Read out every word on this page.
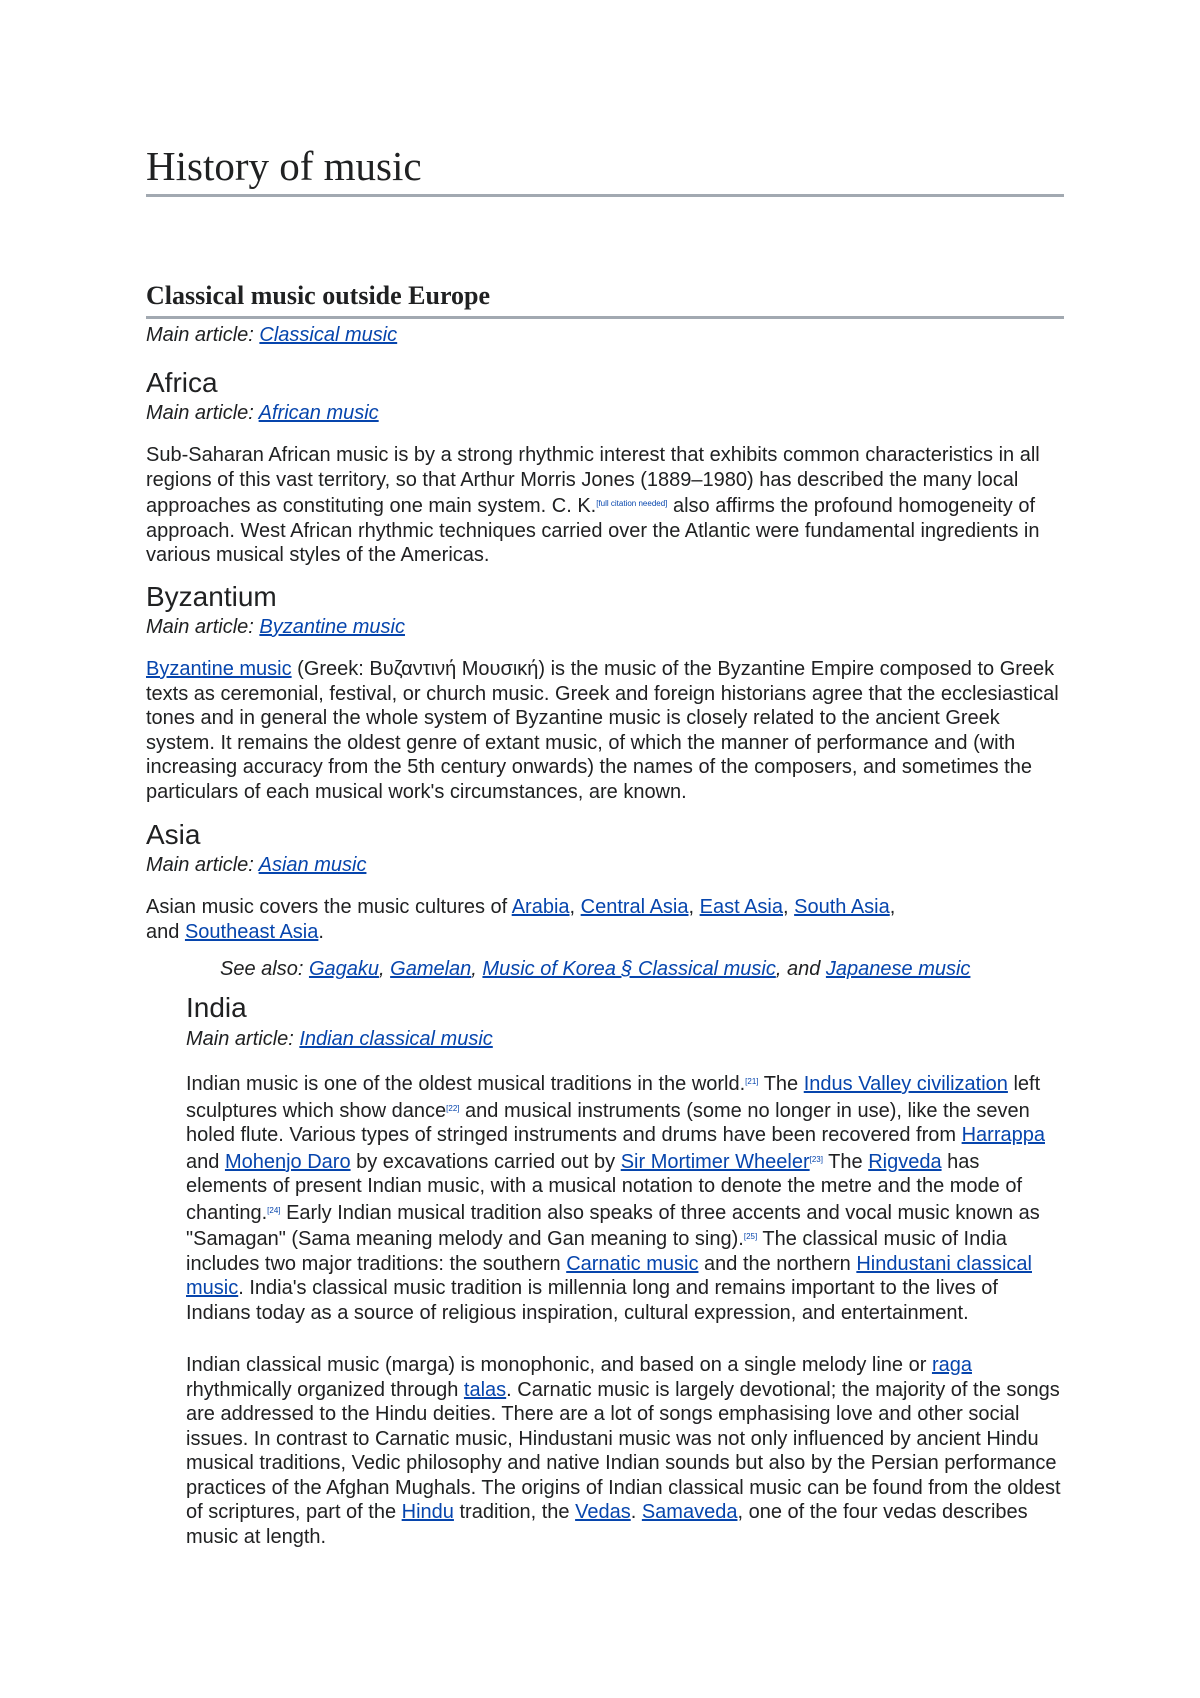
History of music
Classical music outside Europe

Main article: Classical music

Africa

Main article: African music

Sub-Saharan African music is by a strong rhythmic interest that exhibits common characteristics in all regions of this vast territory, so that Arthur Morris Jones (1889–1980) has described the many local approaches as constituting one main system. C. K.[full citation needed] also affirms the profound homogeneity of approach. West African rhythmic techniques carried over the Atlantic were fundamental ingredients in various musical styles of the Americas.

Byzantium

Main article: Byzantine music

Byzantine music (Greek: Βυζαντινή Μουσική) is the music of the Byzantine Empire composed to Greek texts as ceremonial, festival, or church music. Greek and foreign historians agree that the ecclesiastical tones and in general the whole system of Byzantine music is closely related to the ancient Greek system. It remains the oldest genre of extant music, of which the manner of performance and (with increasing accuracy from the 5th century onwards) the names of the composers, and sometimes the particulars of each musical work's circumstances, are known.

Asia

Main article: Asian music

Asian music covers the music cultures of Arabia, Central Asia, East Asia, South Asia,
and Southeast Asia.

See also: Gagaku, Gamelan, Music of Korea § Classical music, and Japanese music

India

Main article: Indian classical music

Indian music is one of the oldest musical traditions in the world.[21] The Indus Valley civilization left sculptures which show dance[22] and musical instruments (some no longer in use), like the seven holed flute. Various types of stringed instruments and drums have been recovered from Harrappa and Mohenjo Daro by excavations carried out by Sir Mortimer Wheeler[23] The Rigveda has elements of present Indian music, with a musical notation to denote the metre and the mode of chanting.[24] Early Indian musical tradition also speaks of three accents and vocal music known as "Samagan" (Sama meaning melody and Gan meaning to sing).[25] The classical music of India includes two major traditions: the southern Carnatic music and the northern Hindustani classical music. India's classical music tradition is millennia long and remains important to the lives of Indians today as a source of religious inspiration, cultural expression, and entertainment.

Indian classical music (marga) is monophonic, and based on a single melody line or raga rhythmically organized through talas. Carnatic music is largely devotional; the majority of the songs are addressed to the Hindu deities. There are a lot of songs emphasising love and other social issues. In contrast to Carnatic music, Hindustani music was not only influenced by ancient Hindu musical traditions, Vedic philosophy and native Indian sounds but also by the Persian performance practices of the Afghan Mughals. The origins of Indian classical music can be found from the oldest of scriptures, part of the Hindu tradition, the Vedas. Samaveda, one of the four vedas describes music at length.
